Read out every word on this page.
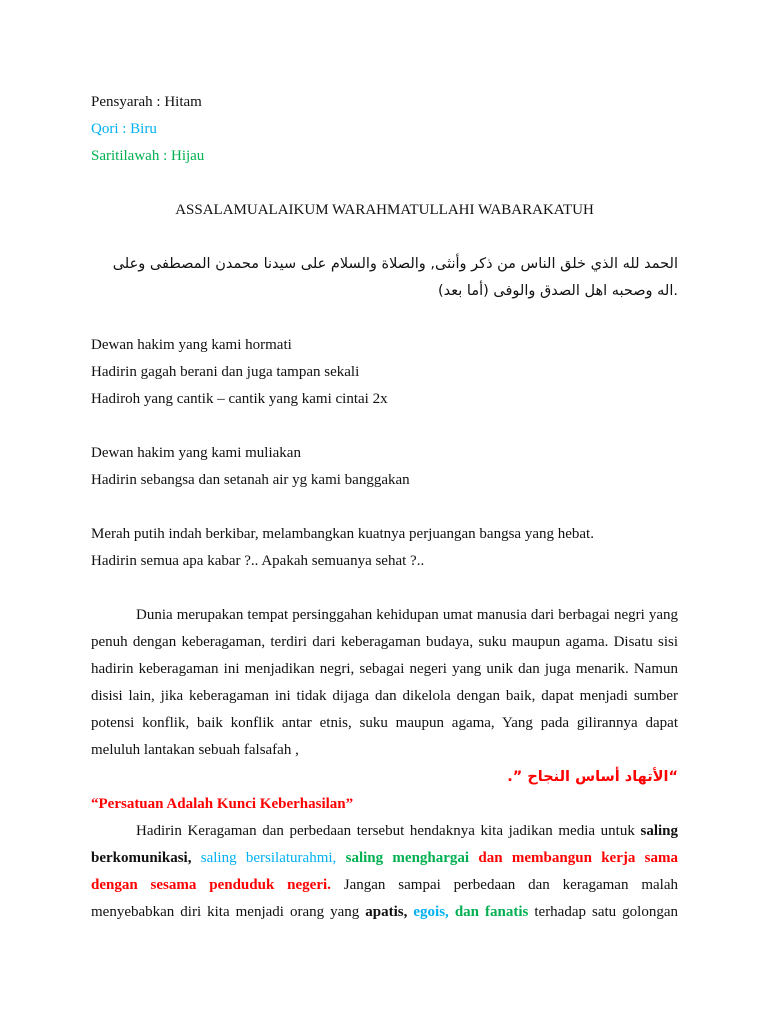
Pensyarah : Hitam

Qori : Biru

Saritilawah : Hijau

ASSALAMUALAIKUM WARAHMATULLAHI WABARAKATUH

الحمد لله الذي خلق الناس من ذكر وأنثى, والصلاة والسلام على سيدنا محمدن المصطفى وعلى

.اله وصحبه اهل الصدق والوفى (أما بعد)

Dewan hakim yang kami hormati

Hadirin gagah berani dan juga tampan sekali

Hadiroh yang cantik – cantik yang kami cintai 2x

Dewan hakim yang kami muliakan

Hadirin sebangsa dan setanah air yg kami banggakan

Merah putih indah berkibar, melambangkan kuatnya perjuangan bangsa yang hebat.

Hadirin semua apa kabar ?.. Apakah semuanya sehat ?..

Dunia merupakan tempat persinggahan kehidupan umat manusia dari berbagai negri yang penuh dengan keberagaman, terdiri dari keberagaman budaya, suku maupun agama. Disatu sisi hadirin keberagaman ini menjadikan negri, sebagai negeri yang unik dan juga menarik. Namun disisi lain, jika keberagaman ini tidak dijaga dan dikelola dengan baik, dapat menjadi sumber potensi konflik, baik konflik antar etnis, suku maupun agama, Yang pada gilirannya dapat meluluh lantakan sebuah falsafah ,

“الأتهاد أساس النجاح ”.

“Persatuan Adalah Kunci Keberhasilan”

Hadirin Keragaman dan perbedaan tersebut hendaknya kita jadikan media untuk saling berkomunikasi, saling bersilaturahmi, saling menghargai dan membangun kerja sama dengan sesama penduduk negeri. Jangan sampai perbedaan dan keragaman malah menyebabkan diri kita menjadi orang yang apatis, egois, dan fanatis terhadap satu golongan
